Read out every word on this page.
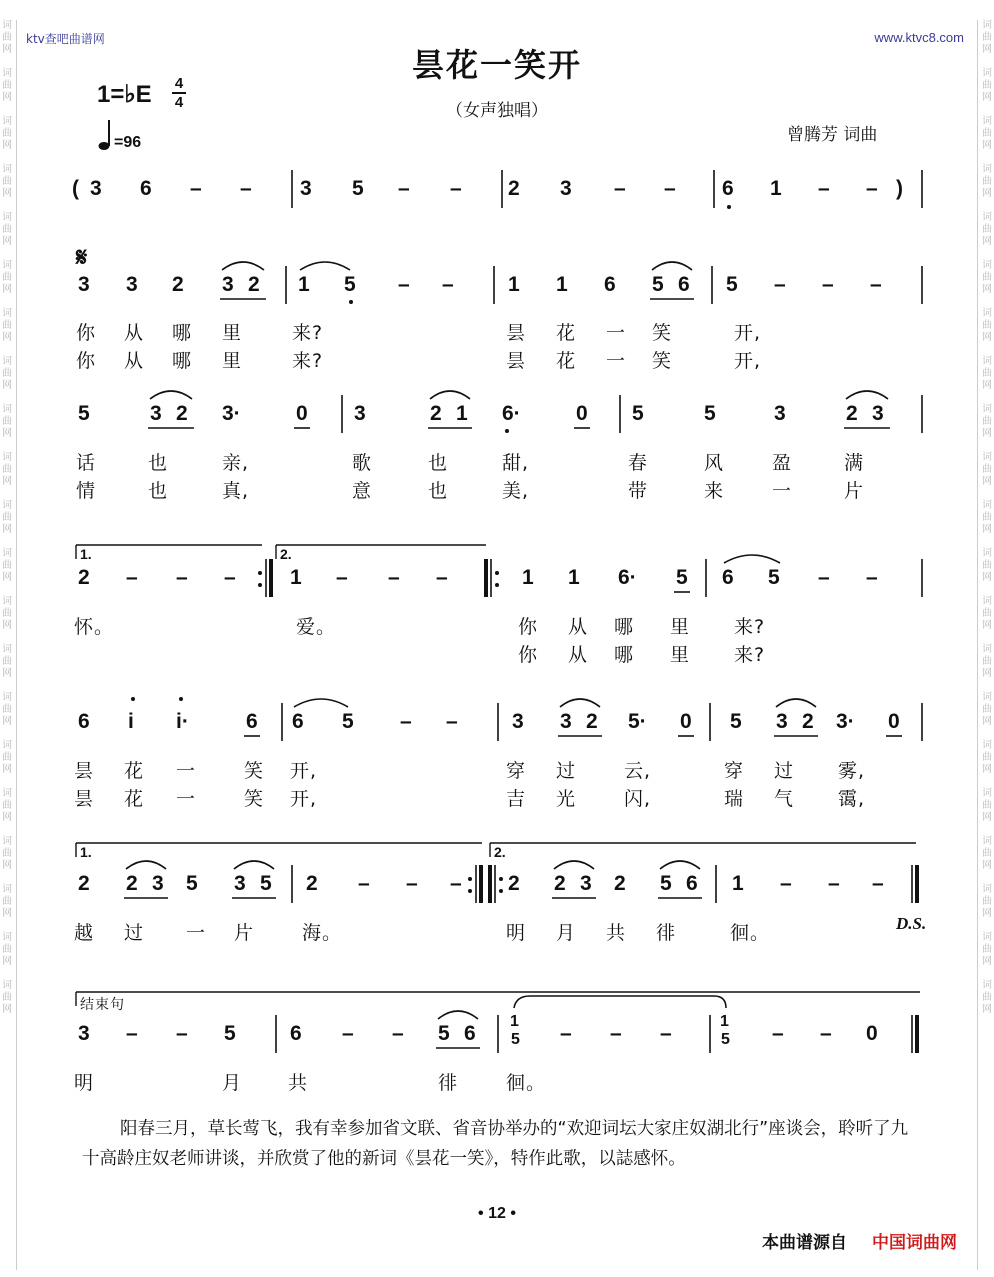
ktv查吧曲谱网	www.ktvc8.com
词
曲
网

词
曲
网

词
曲
网

词
曲
网

词
曲
网

词
曲
网

词
曲
网

词
曲
网

词
曲
网

词
曲
网

词
曲
网

词
曲
网

词
曲
网

词
曲
网

词
曲
网

词
曲
网

词
曲
网

词
曲
网

词
曲
网

词
曲
网

词
曲
网

词
曲
网

词
曲
网

词
曲
网

词
曲
网

词
曲
网

词
曲
网

词
曲
网

词
曲
网

词
曲
网

词
曲
网

词
曲
网

词
曲
网

词
曲
网

词
曲
网

词
曲
网

词
曲
网

词
曲
网

词
曲
网

词
曲
网

词
曲
网

词
曲
网

昙花一笑开
（女声独唱）
1=♭E 4
4
=96	曾腾芳 词曲
( 3 6 – – 3 5 – – 2 3 – – 6 1 – – )
𝄋
3 3 2 3 2 1 5 – –	1 1 6 5 6 5 – – –
你 从 哪 里	来?	昙 花 一 笑	开,
你 从 哪 里	来?	昙 花 一 笑	开,
5	3 2 3·	0 3	2 1 6·	0 5	5	3	2 3
话	也	亲,	歌	也	甜,	春	风	盈	满
情	也	真,	意	也	美,	带	来	一	片
1.	2.
2 – – –	1 – – –	1 1 6· 5 6 5 – –
怀。	爱。	你 从 哪 里 来?
你 从 哪 里 来?
6 i i·	6 6 5 – –	3 3 2 5· 0 5 3 2 3· 0
昙 花 一	笑 开,	穿 过	云,	穿 过 雾,
昙 花 一	笑 开,	吉 光	闪,	瑞 气 霭,
1.	2.
2 2 3 5 3 5 2 – – – 2 2 3 2 5 6 1 – – –
越 过 一 片	海。	明 月 共 徘	徊。	D.S.
结束句
3 – – 5	6 – – 5 6
1
– – –
1
– – 0
5	5
明	月 共	徘	徊。
阳春三月，草长莺飞，我有幸参加省文联、省音协举办的“欢迎词坛大家庄奴湖北行”座谈会，聆听了九十高龄庄奴老师讲谈，并欣赏了他的新词《昙花一笑》，特作此歌，以誌感怀。
• 12 •
本曲谱源自 中国词曲网
